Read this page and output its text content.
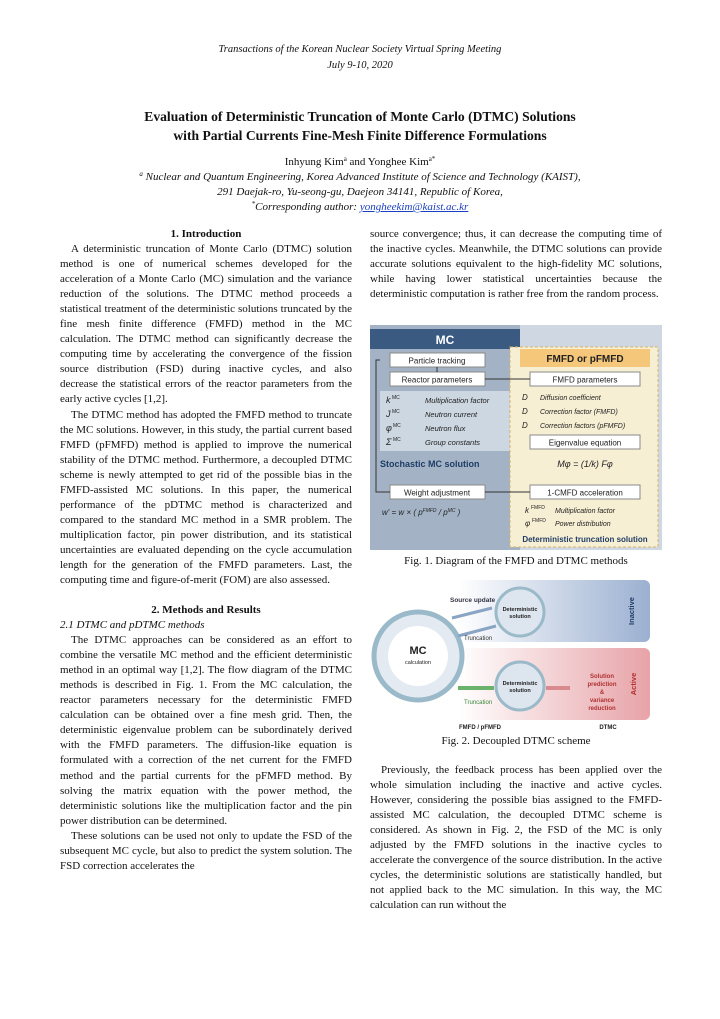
Transactions of the Korean Nuclear Society Virtual Spring Meeting
July 9-10, 2020
Evaluation of Deterministic Truncation of Monte Carlo (DTMC) Solutions
with Partial Currents Fine-Mesh Finite Difference Formulations
Inhyung Kim$^a$ and Yonghee Kim$^{a*}$
$^a$ Nuclear and Quantum Engineering, Korea Advanced Institute of Science and Technology (KAIST),
291 Daejak-ro, Yu-seong-gu, Daejeon 34141, Republic of Korea,
*Corresponding author: yongheekim@kaist.ac.kr
1. Introduction

A deterministic truncation of Monte Carlo (DTMC) solution method is one of numerical schemes developed for the acceleration of a Monte Carlo (MC) simulation and the variance reduction of the solutions. The DTMC method proceeds a statistical treatment of the deterministic solutions truncated by the fine mesh finite difference (FMFD) method in the MC calculation. The DTMC method can significantly decrease the computing time by accelerating the convergence of the fission source distribution (FSD) during inactive cycles, and also decrease the statistical errors of the reactor parameters from the early active cycles [1,2].

The DTMC method has adopted the FMFD method to truncate the MC solutions. However, in this study, the partial current based FMFD (pFMFD) method is applied to improve the numerical stability of the DTMC method. Furthermore, a decoupled DTMC scheme is newly attempted to get rid of the possible bias in the FMFD-assisted MC solutions. In this paper, the numerical performance of the pDTMC method is characterized and compared to the standard MC method in a SMR problem. The multiplication factor, pin power distribution, and its statistical uncertainties are evaluated depending on the cycle accumulation length for the generation of the FMFD parameters. Last, the computing time and figure-of-merit (FOM) are also assessed.

2. Methods and Results
2.1 DTMC and pDTMC methods

The DTMC approaches can be considered as an effort to combine the versatile MC method and the efficient deterministic method in an optimal way [1,2]. The flow diagram of the DTMC methods is described in Fig. 1. From the MC calculation, the reactor parameters necessary for the deterministic FMFD calculation can be obtained over a fine mesh grid. Then, the deterministic eigenvalue problem can be subordinately derived with the FMFD parameters. The diffusion-like equation is formulated with a correction of the net current for the FMFD method and the partial currents for the pFMFD method. By solving the matrix equation with the power method, the deterministic solutions like the multiplication factor and the pin power distribution can be determined.

These solutions can be used not only to update the FSD of the subsequent MC cycle, but also to predict the system solution. The FSD correction accelerates the

source convergence; thus, it can decrease the computing time of the inactive cycles. Meanwhile, the DTMC solutions can provide accurate solutions equivalent to the high-fidelity MC solutions, while having lower statistical uncertainties because the deterministic computation is rather free from the random process.

MC
Particle tracking
Reactor parameters
k MC	Multiplication factor
J MC	Neutron current
φ MC	Neutron flux
Σ MC	Group constants
Stochastic MC solution
Weight adjustment
w' = w × ( $p^{FMFD} / p^{MC}$ )
FMFD or pFMFD
FMFD parameters
D Diffusion coefficient
D Correction factor (FMFD)
D Correction factors (pFMFD)
Eigenvalue equation
Mφ = (1/k) Fφ
1-CMFD acceleration
k FMFD Multiplication factor
φ FMFD Power distribution
Deterministic truncation solution
Fig. 1. Diagram of the FMFD and DTMC methods
MC
calculation
Deterministic
solution
Source update
Truncation
Inactive
Deterministic
solution
Truncation
Solution
prediction
&
variance
reduction
Active
FMFD / pFMFD	DTMC
Fig. 2. Decoupled DTMC scheme

Previously, the feedback process has been applied over the whole simulation including the inactive and active cycles. However, considering the possible bias assigned to the FMFD-assisted MC calculation, the decoupled DTMC scheme is considered. As shown in Fig. 2, the FSD of the MC is only adjusted by the FMFD solutions in the inactive cycles to accelerate the convergence of the source distribution. In the active cycles, the deterministic solutions are statistically handled, but not applied back to the MC simulation. In this way, the MC calculation can run without the
